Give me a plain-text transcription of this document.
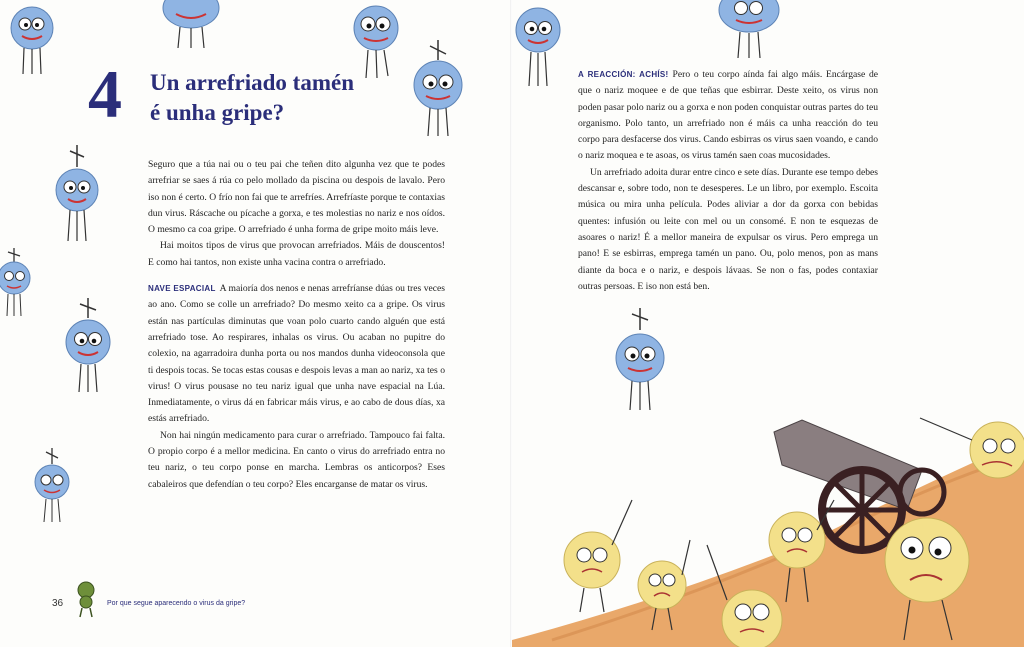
4 Un arrefriado tamén
é unha gripe?

Seguro que a túa nai ou o teu pai che teñen dito algunha vez que te podes arrefriar se saes á rúa co pelo mollado da piscina ou despois de lavalo. Pero iso non é certo. O frío non fai que te arrefríes. Arrefríaste porque te contaxias dun virus. Ráscache ou pícache a gorxa, e tes molestias no nariz e nos oídos. O mesmo ca coa gripe. O arrefriado é unha forma de gripe moito máis leve.

Hai moitos tipos de virus que provocan arrefriados. Máis de douscentos! E como hai tantos, non existe unha vacina contra o arrefriado.

NAVE ESPACIAL A maioría dos nenos e nenas arrefríanse dúas ou tres veces ao ano. Como se colle un arrefriado? Do mesmo xeito ca a gripe. Os virus están nas partículas diminutas que voan polo cuarto cando alguén que está arrefriado tose. Ao respirares, inhalas os virus. Ou acaban no pupitre do colexio, na agarradoira dunha porta ou nos mandos dunha videoconsola que ti despois tocas. Se tocas estas cousas e despois levas a man ao nariz, xa tes o virus! O virus pousase no teu nariz igual que unha nave espacial na Lúa. Inmediatamente, o virus dá en fabricar máis virus, e ao cabo de dous días, xa estás arrefriado.

Non hai ningún medicamento para curar o arrefriado. Tampouco fai falta. O propio corpo é a mellor medicina. En canto o virus do arrefriado entra no teu nariz, o teu corpo ponse en marcha. Lembras os anticorpos? Eses cabaleiros que defendían o teu corpo? Eles encarganse de matar os virus.

36	Por que segue aparecendo o virus da gripe?

A REACCIÓN: ACHÍS! Pero o teu corpo aínda fai algo máis. Encárgase de que o nariz moquee e de que teñas que esbirrar. Deste xeito, os virus non poden pasar polo nariz ou a gorxa e non poden conquistar outras partes do teu organismo. Polo tanto, un arrefriado non é máis ca unha reacción do teu corpo para desfacerse dos virus. Cando esbirras os virus saen voando, e cando o nariz moquea e te asoas, os virus tamén saen coas mucosidades.

Un arrefriado adoita durar entre cinco e sete días. Durante ese tempo debes descansar e, sobre todo, non te desesperes. Le un libro, por exemplo. Escoita música ou mira unha película. Podes aliviar a dor da gorxa con bebidas quentes: infusión ou leite con mel ou un consomé. E non te esquezas de asoares o nariz! É a mellor maneira de expulsar os virus. Pero emprega un pano! E se esbirras, emprega tamén un pano. Ou, polo menos, pon as mans diante da boca e o nariz, e despois lávaas. Se non o fas, podes contaxiar outras persoas. E iso non está ben.
